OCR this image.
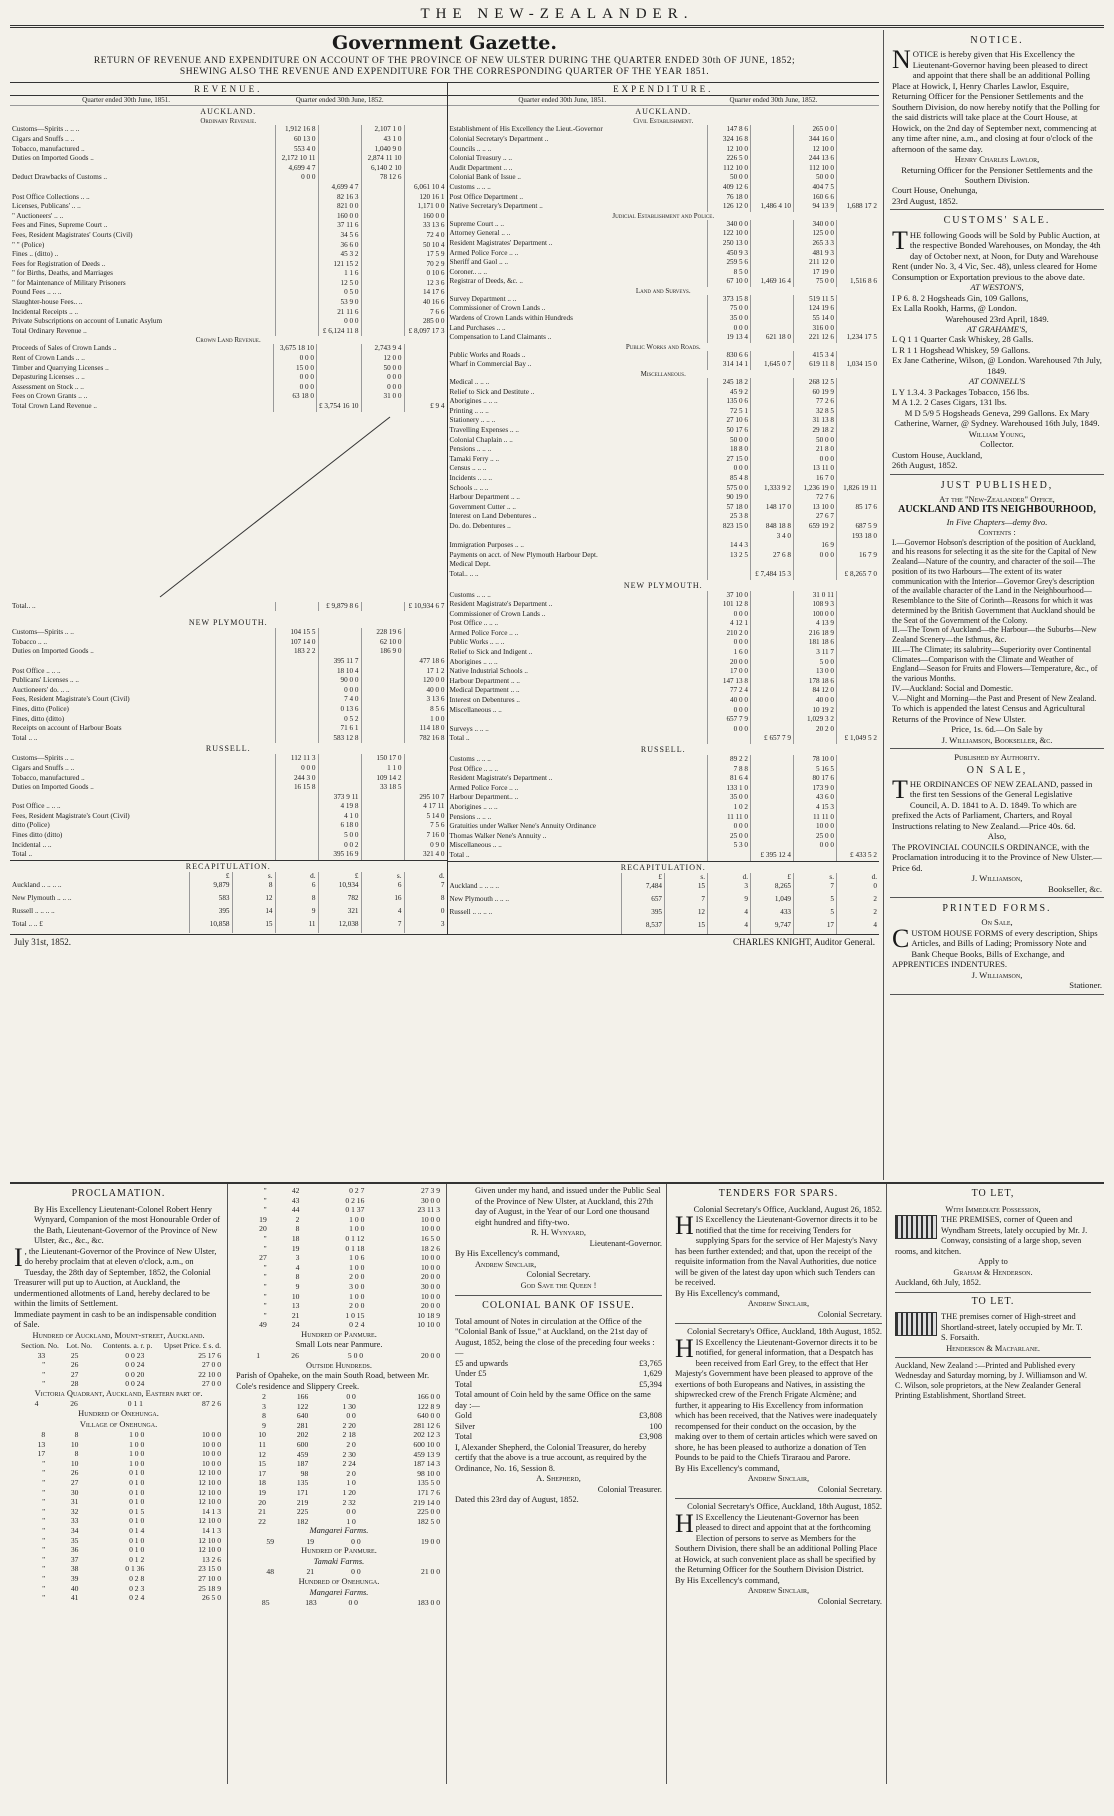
THE NEW-ZEALANDER.
Government Gazette.
RETURN OF REVENUE AND EXPENDITURE ON ACCOUNT OF THE PROVINCE OF NEW ULSTER DURING THE QUARTER ENDED 30th OF JUNE, 1852;
SHEWING ALSO THE REVENUE AND EXPENDITURE FOR THE CORRESPONDING QUARTER OF THE YEAR 1851.
REVENUE.
	Quarter ended 30th June, 1851.	Quarter ended 30th June, 1852.
AUCKLAND.
Ordinary Revenue.
Customs—Spirits .. .. ..	1,912 16 8		2,107 1 0	
Cigars and Snuffs .. ..	60 13 0		43 1 0	
Tobacco, manufactured ..	553 4 0		1,040 9 0	
Duties on Imported Goods ..	2,172 10 11		2,874 11 10	
	4,699 4 7		6,140 2 10	
Deduct Drawbacks of Customs ..	0 0 0		78 12 6	
		4,699 4 7		6,061 10 4
Post Office Collections .. ..		82 16 3		120 16 1
Licenses, Publicans' .. ..		821 0 0		1,171 0 0
" Auctioneers' .. ..		160 0 0		160 0 0
Fees and Fines, Supreme Court ..		37 11 6		33 13 6
Fees, Resident Magistrates' Courts (Civil)		34 5 6		72 4 0
" " (Police)		36 6 0		50 10 4
Fines .. (ditto) ..		45 3 2		17 5 9
Fees for Registration of Deeds ..		121 15 2		70 2 9
" for Births, Deaths, and Marriages		1 1 6		0 10 6
" for Maintenance of Military Prisoners		12 5 0		12 3 6
Pound Fees .. .. ..		0 5 0		14 17 6
Slaughter-house Fees.. ..		53 9 0		40 16 6
Incidental Receipts .. ..		21 11 6		7 6 6
Private Subscriptions on account of Lunatic Asylum		0 0 0		285 0 0
Total Ordinary Revenue ..		£ 6,124 11 8		£ 8,097 17 3
Crown Land Revenue.
Proceeds of Sales of Crown Lands ..	3,675 18 10		2,743 9 4	
Rent of Crown Lands .. ..	0 0 0		12 0 0	
Timber and Quarrying Licenses ..	15 0 0		50 0 0	
Depasturing Licenses .. ..	0 0 0		0 0 0	
Assessment on Stock .. ..	0 0 0		0 0 0	
Fees on Crown Grants .. ..	63 18 0		31 0 0	
Total Crown Land Revenue ..		£ 3,754 16 10		£ 9 4
Total.. ..		£ 9,879 8 6		£ 10,934 6 7
NEW PLYMOUTH.
Customs—Spirits .. ..	104 15 5		228 19 6	
Tobacco .. ..	107 14 0		62 10 0	
Duties on Imported Goods ..	183 2 2		186 9 0	
		395 11 7		477 18 6
Post Office .. .. ..		18 10 4		17 1 2
Publicans' Licenses .. ..		90 0 0		120 0 0
Auctioneers' do. .. ..		0 0 0		40 0 0
Fees, Resident Magistrate's Court (Civil)		7 4 0		3 13 6
Fines, ditto (Police)		0 13 6		8 5 6
Fines, ditto (ditto)		0 5 2		1 0 0
Receipts on account of Harbour Boats		71 6 1		114 18 0
Total .. ..		583 12 8		782 16 8
RUSSELL.
Customs—Spirits .. ..	112 11 3		150 17 0	
Cigars and Snuffs .. ..	0 0 0		1 1 0	
Tobacco, manufactured ..	244 3 0		109 14 2	
Duties on Imported Goods ..	16 15 8		33 18 5	
		373 9 11		295 10 7
Post Office .. .. ..		4 19 8		4 17 11
Fees, Resident Magistrate's Court (Civil)		4 1 0		5 14 0
ditto (Police)		6 18 0		7 5 6
Fines ditto (ditto)		5 0 0		7 16 0
Incidental .. ..		0 0 2		0 9 0
Total ..		395 16 9		321 4 0
RECAPITULATION.
	£	s.	d.	£	s.	d.
Auckland .. .. .. ..	9,879	8	6	10,934	6	7
New Plymouth .. .. ..	583	12	8	782	16	8
Russell .. .. .. ..	395	14	9	321	4	0
Total .. .. £	10,858	15	11	12,038	7	3
EXPENDITURE.
	Quarter ended 30th June, 1851.	Quarter ended 30th June, 1852.
AUCKLAND.
Civil Establishment.
Establishment of His Excellency the Lieut.-Governor	147 8 6		265 0 0	
Colonial Secretary's Department ..	324 16 8		344 16 0	
Councils .. .. ..	12 10 0		12 10 0	
Colonial Treasury .. ..	226 5 0		244 13 6	
Audit Department .. ..	112 10 0		112 10 0	
Colonial Bank of Issue ..	50 0 0		50 0 0	
Customs .. .. ..	409 12 6		404 7 5	
Post Office Department ..	76 18 0		160 6 6	
Native Secretary's Department ..	126 12 0	1,486 4 10	94 13 9	1,688 17 2
Judicial Establishment and Police.
Supreme Court .. ..	340 0 0		340 0 0	
Attorney General .. ..	122 10 0		125 0 0	
Resident Magistrates' Department ..	250 13 0		265 3 3	
Armed Police Force .. ..	450 9 3		481 9 3	
Sheriff and Gaol .. ..	259 5 6		211 12 0	
Coroner.. .. ..	8 5 0		17 19 0	
Registrar of Deeds, &c. ..	67 10 0	1,469 16 4	75 0 0	1,516 8 6
Land and Surveys.
Survey Department .. ..	373 15 8		519 11 5	
Commissioner of Crown Lands ..	75 0 0		124 19 6	
Wardens of Crown Lands within Hundreds	35 0 0		55 14 0	
Land Purchases .. ..	0 0 0		316 0 0	
Compensation to Land Claimants ..	19 13 4	621 18 0	221 12 6	1,234 17 5
Public Works and Roads.
Public Works and Roads ..	830 6 6		415 3 4	
Wharf in Commercial Bay ..	314 14 1	1,645 0 7	619 11 8	1,034 15 0
Miscellaneous.
Medical .. .. ..	245 18 2		268 12 5	
Relief to Sick and Destitute ..	45 9 2		60 19 9	
Aborigines .. .. ..	135 0 6		77 2 6	
Printing .. .. ..	72 5 1		32 8 5	
Stationery .. .. ..	27 10 6		31 13 8	
Travelling Expenses .. ..	50 17 6		29 18 2	
Colonial Chaplain .. ..	50 0 0		50 0 0	
Pensions .. .. ..	18 8 0		21 8 0	
Tamaki Ferry .. ..	27 15 0		0 0 0	
Census .. .. ..	0 0 0		13 11 0	
Incidents .. .. ..	85 4 8		16 7 0	
Schools .. .. ..	575 0 0	1,333 9 2	1,236 19 0	1,826 19 11
Harbour Department .. ..	90 19 0		72 7 6	
Government Cutter .. ..	57 18 0	148 17 0	13 10 0	85 17 6
Interest on Land Debentures ..	25 3 8		27 6 7	
Do. do. Debentures ..	823 15 0	848 18 8	659 19 2	687 5 9
		3 4 0		193 18 0
Immigration Purposes .. ..	14 4 3		16 9	
Payments on acct. of New Plymouth Harbour Dept.	13 2 5	27 6 8	0 0 0	16 7 9
Medical Dept.				
Total.. .. ..		£ 7,484 15 3		£ 8,265 7 0
NEW PLYMOUTH.
Customs .. .. ..	37 10 0		31 0 11	
Resident Magistrate's Department ..	101 12 8		108 9 3	
Commissioner of Crown Lands ..	0 0 0		100 0 0	
Post Office .. .. ..	4 12 1		4 13 9	
Armed Police Force .. ..	210 2 0		216 18 9	
Public Works .. .. ..	0 0 0		181 18 6	
Relief to Sick and Indigent ..	1 6 0		3 11 7	
Aborigines .. .. ..	20 0 0		5 0 0	
Native Industrial Schools ..	17 0 0		13 0 0	
Harbour Department .. ..	147 13 8		178 18 6	
Medical Department .. ..	77 2 4		84 12 0	
Interest on Debentures ..	40 0 0		40 0 0	
Miscellaneous .. ..	0 0 0		10 19 2	
	657 7 9		1,029 3 2	
Surveys .. .. ..	0 0 0		20 2 0	
Total ..		£ 657 7 9		£ 1,049 5 2
RUSSELL.
Customs .. .. ..	89 2 2		78 10 0	
Post Office .. .. ..	7 8 8		5 16 5	
Resident Magistrate's Department ..	81 6 4		80 17 6	
Armed Police Force .. ..	133 1 0		173 9 0	
Harbour Department.. ..	35 0 0		43 6 0	
Aborigines .. .. ..	1 0 2		4 15 3	
Pensions .. .. ..	11 11 0		11 11 0	
Gratuities under Walker Nene's Annuity Ordinance	0 0 0		10 0 0	
Thomas Walker Nene's Annuity ..	25 0 0		25 0 0	
Miscellaneous .. ..	5 3 0		0 0 0	
Total ..		£ 395 12 4		£ 433 5 2
RECAPITULATION.
	£	s.	d.	£	s.	d.
Auckland .. .. .. ..	7,484	15	3	8,265	7	0
New Plymouth .. .. ..	657	7	9	1,049	5	2
Russell .. .. .. ..	395	12	4	433	5	2
	8,537	15	4	9,747	17	4
July 31st, 1852.	CHARLES KNIGHT, Auditor General.
NOTICE.
NOTICE is hereby given that His Excellency the Lieutenant-Governor having been pleased to direct and appoint that there shall be an additional Polling Place at Howick, I, Henry Charles Lawlor, Esquire, Returning Officer for the Pensioner Settlements and the Southern Division, do now hereby notify that the Polling for the said districts will take place at the Court House, at Howick, on the 2nd day of September next, commencing at any time after nine, a.m., and closing at four o'clock of the afternoon of the same day.
Henry Charles Lawlor,
Returning Officer for the Pensioner Settlements and the Southern Division.
Court House, Onehunga,
23rd August, 1852.
CUSTOMS' SALE.
THE following Goods will be Sold by Public Auction, at the respective Bonded Warehouses, on Monday, the 4th day of October next, at Noon, for Duty and Warehouse Rent (under No. 3, 4 Vic, Sec. 48), unless cleared for Home Consumption or Exportation previous to the above date.
AT WESTON'S,
I P 6. 8. 2 Hogsheads Gin, 109 Gallons,
Ex Lalla Rookh, Harms, @ London.
Warehoused 23rd April, 1849.
AT GRAHAME'S,
L Q 1 1 Quarter Cask Whiskey, 28 Galls.
L R 1 1 Hogshead Whiskey, 59 Gallons.
Ex Jane Catherine, Wilson, @ London. Warehoused 7th July, 1849.
AT CONNELL'S
L Y 1.3.4. 3 Packages Tobacco, 156 lbs.
M A 1.2. 2 Cases Cigars, 131 lbs.
M D 5/9 5 Hogsheads Geneva, 299 Gallons. Ex Mary Catherine, Warner, @ Sydney. Warehoused 16th July, 1849.
William Young,
Collector.
Custom House, Auckland,
26th August, 1852.
JUST PUBLISHED,
At the "New-Zealander" Office,
AUCKLAND AND ITS NEIGHBOURHOOD,
In Five Chapters—demy 8vo.
Contents :
I.—Governor Hobson's description of the position of Auckland, and his reasons for selecting it as the site for the Capital of New Zealand—Nature of the country, and character of the soil—The position of its two Harbours—The extent of its water communication with the Interior—Governor Grey's description of the available character of the Land in the Neighbourhood—Resemblance to the Site of Corinth—Reasons for which it was determined by the British Government that Auckland should be the Seat of the Government of the Colony.
II.—The Town of Auckland—the Harbour—the Suburbs—New Zealand Scenery—the Isthmus, &c.
III.—The Climate; its salubrity—Superiority over Continental Climates—Comparison with the Climate and Weather of England—Season for Fruits and Flowers—Temperature, &c., of the various Months.
IV.—Auckland: Social and Domestic.
V.—Night and Morning—the Past and Present of New Zealand.
To which is appended the latest Census and Agricultural Returns of the Province of New Ulster.
Price, 1s. 6d.—On Sale by
J. Williamson, Bookseller, &c.
Published by Authority.
ON SALE,
THE ORDINANCES OF NEW ZEALAND, passed in the first ten Sessions of the General Legislative Council, A. D. 1841 to A. D. 1849. To which are prefixed the Acts of Parliament, Charters, and Royal Instructions relating to New Zealand.—Price 40s. 6d.
Also,
The PROVINCIAL COUNCILS ORDINANCE, with the Proclamation introducing it to the Province of New Ulster.—Price 6d.
J. Williamson,
Bookseller, &c.
PRINTED FORMS.
On Sale,
CUSTOM HOUSE FORMS of every description, Ships Articles, and Bills of Lading; Promissory Note and Bank Cheque Books, Bills of Exchange, and APPRENTICES INDENTURES.
J. Williamson,
Stationer.
PROCLAMATION.
By His Excellency Lieutenant-Colonel Robert Henry Wynyard, Companion of the most Honourable Order of the Bath, Lieutenant-Governor of the Province of New Ulster, &c., &c., &c.
I , the Lieutenant-Governor of the Province of New Ulster, do hereby proclaim that at eleven o'clock, a.m., on Tuesday, the 28th day of September, 1852, the Colonial Treasurer will put up to Auction, at Auckland, the undermentioned allotments of Land, hereby declared to be within the limits of Settlement.
Immediate payment in cash to be an indispensable condition of Sale.
Hundred of Auckland, Mount-street, Auckland.
Section. No.	Lot. No.	Contents. a. r. p.	Upset Price. £ s. d.
33	25	0 0 23	25 17 6
"	26	0 0 24	27 0 0
"	27	0 0 20	22 10 0
"	28	0 0 24	27 0 0
Victoria Quadrant, Auckland, Eastern part of.
4	26	0 1 1	87 2 6
Hundred of Onehunga.
Village of Onehunga.
8	8	1 0 0	10 0 0
13	10	1 0 0	10 0 0
17	8	1 0 0	10 0 0
"	10	1 0 0	10 0 0
"	26	0 1 0	12 10 0
"	27	0 1 0	12 10 0
"	30	0 1 0	12 10 0
"	31	0 1 0	12 10 0
"	32	0 1 5	14 1 3
"	33	0 1 0	12 10 0
"	34	0 1 4	14 1 3
"	35	0 1 0	12 10 0
"	36	0 1 0	12 10 0
"	37	0 1 2	13 2 6
"	38	0 1 36	23 15 0
"	39	0 2 8	27 10 0
"	40	0 2 3	25 18 9
"	41	0 2 4	26 5 0
"	42	0 2 7	27 3 9
"	43	0 2 16	30 0 0
"	44	0 1 37	23 11 3
19	2	1 0 0	10 0 0
20	8	1 0 0	10 0 0
"	18	0 1 12	16 5 0
"	19	0 1 18	18 2 6
27	3	1 0 6	10 0 0
"	4	1 0 0	10 0 0
"	8	2 0 0	20 0 0
"	9	3 0 0	30 0 0
"	10	1 0 0	10 0 0
"	13	2 0 0	20 0 0
"	21	1 0 15	10 18 9
49	24	0 2 4	10 10 0
Hundred of Panmure.
Small Lots near Panmure.
1	26	5 0 0	20 0 0
Outside Hundreds.
Parish of Opaheke, on the main South Road, between Mr. Cole's residence and Slippery Creek.
2	166	0 0	166 0 0
3	122	1 30	122 8 9
8	640	0 0	640 0 0
9	281	2 20	281 12 6
10	202	2 18	202 12 3
11	600	2 0	600 10 0
12	459	2 30	459 13 9
15	187	2 24	187 14 3
17	98	2 0	98 10 0
18	135	1 0	135 5 0
19	171	1 20	171 7 6
20	219	2 32	219 14 0
21	225	0 0	225 0 0
22	182	1 0	182 5 0
Mangarei Farms.
59	19	0 0	19 0 0
Hundred of Panmure.
Tamaki Farms.
48	21	0 0	21 0 0
Hundred of Onehunga.
Mangarei Farms.
85	183	0 0	183 0 0
Given under my hand, and issued under the Public Seal of the Province of New Ulster, at Auckland, this 27th day of August, in the Year of our Lord one thousand eight hundred and fifty-two.
R. H. Wynyard,
Lieutenant-Governor.
By His Excellency's command,
Andrew Sinclair,
Colonial Secretary.
God Save the Queen !
COLONIAL BANK OF ISSUE.
Total amount of Notes in circulation at the Office of the "Colonial Bank of Issue," at Auckland, on the 21st day of August, 1852, being the close of the preceding four weeks :—
£5 and upwards	£3,765
Under £5	1,629
Total	£5,394
Total amount of Coin held by the same Office on the same day :—
Gold	£3,808
Silver	100
Total	£3,908
I, Alexander Shepherd, the Colonial Treasurer, do hereby certify that the above is a true account, as required by the Ordinance, No. 16, Session 8.
A. Shepherd,
Colonial Treasurer.
Dated this 23rd day of August, 1852.
TENDERS FOR SPARS.
Colonial Secretary's Office, Auckland, August 26, 1852.
HIS Excellency the Lieutenant-Governor directs it to be notified that the time for receiving Tenders for supplying Spars for the service of Her Majesty's Navy has been further extended; and that, upon the receipt of the requisite information from the Naval Authorities, due notice will be given of the latest day upon which such Tenders can be received.
By His Excellency's command,
Andrew Sinclair,
Colonial Secretary.
Colonial Secretary's Office, Auckland, 18th August, 1852.
HIS Excellency the Lieutenant-Governor directs it to be notified, for general information, that a Despatch has been received from Earl Grey, to the effect that Her Majesty's Government have been pleased to approve of the exertions of both Europeans and Natives, in assisting the shipwrecked crew of the French Frigate Alcmène; and further, it appearing to His Excellency from information which has been received, that the Natives were inadequately recompensed for their conduct on the occasion, by the making over to them of certain articles which were saved on shore, he has been pleased to authorize a donation of Ten Pounds to be paid to the Chiefs Tiraraou and Parore.
By His Excellency's command,
Andrew Sinclair,
Colonial Secretary.
Colonial Secretary's Office, Auckland, 18th August, 1852.
HIS Excellency the Lieutenant-Governor has been pleased to direct and appoint that at the forthcoming Election of persons to serve as Members for the Southern Division, there shall be an additional Polling Place at Howick, at such convenient place as shall be specified by the Returning Officer for the Southern Division District.
By His Excellency's command,
Andrew Sinclair,
Colonial Secretary.
TO LET,
With Immediate Possession,
THE PREMISES, corner of Queen and Wyndham Streets, lately occupied by Mr. J. Conway, consisting of a large shop, seven rooms, and kitchen.
Apply to
Graham & Henderson.
Auckland, 6th July, 1852.
TO LET.
THE premises corner of High-street and Shortland-street, lately occupied by Mr. T. S. Forsaith.
Henderson & Macfarlane.
Auckland, New Zealand :—Printed and Published every Wednesday and Saturday morning, by J. Williamson and W. C. Wilson, sole proprietors, at the New Zealander General Printing Establishment, Shortland Street.
